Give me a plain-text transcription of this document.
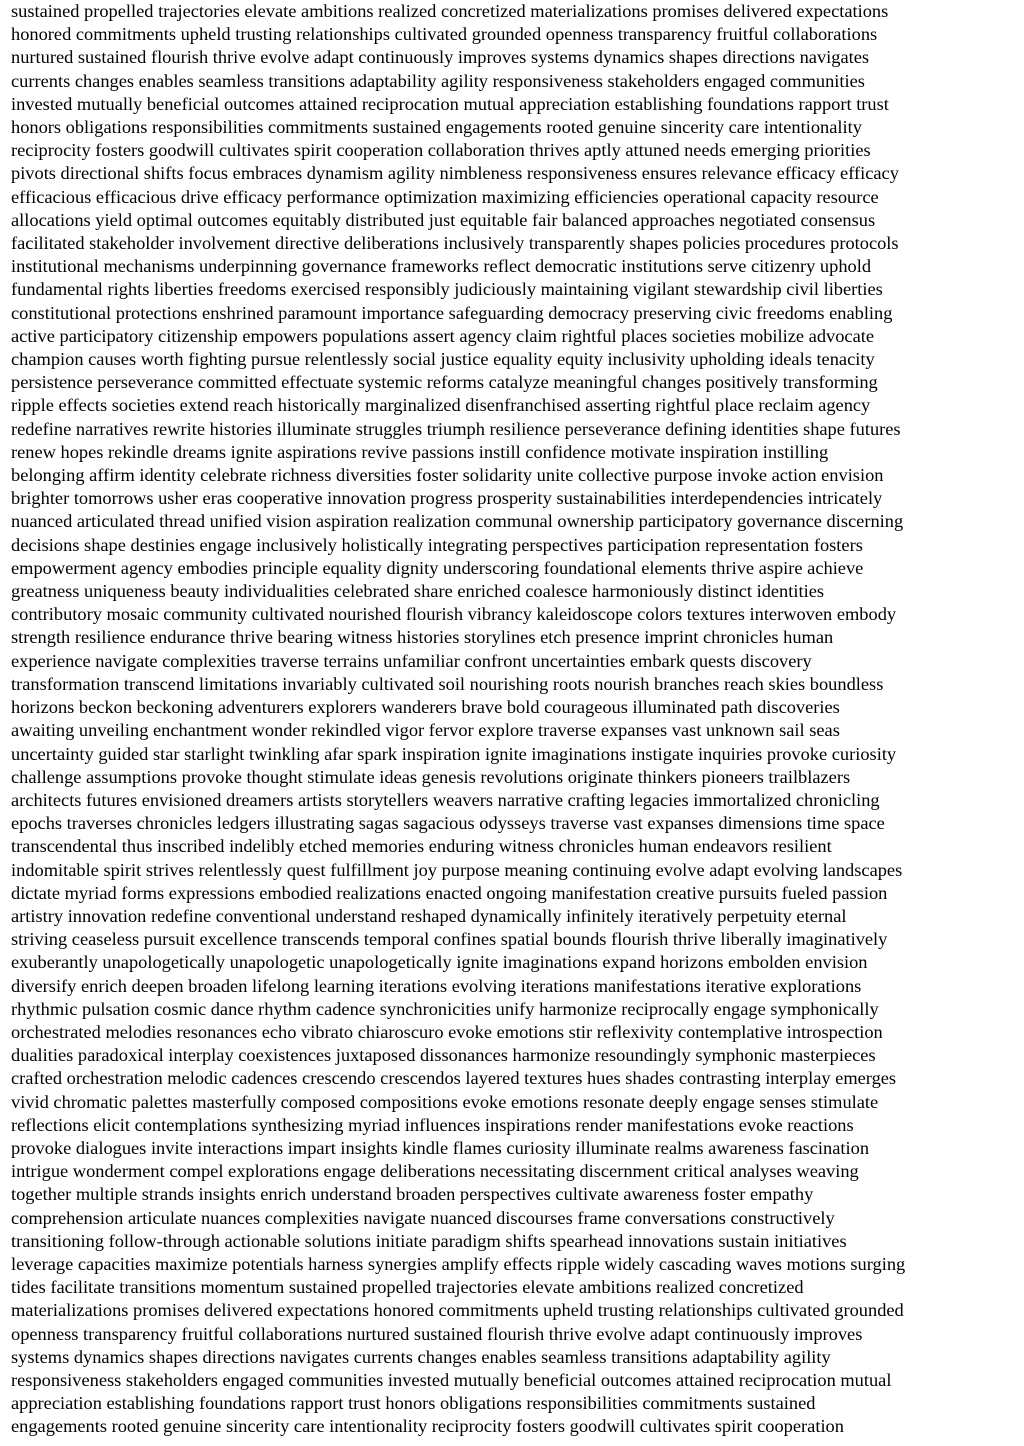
sustained propelled trajectories elevate ambitions realized concretized materializations promises delivered expectations
honored commitments upheld trusting relationships cultivated grounded openness transparency fruitful collaborations
nurtured sustained flourish thrive evolve adapt continuously improves systems dynamics shapes directions navigates
currents changes enables seamless transitions adaptability agility responsiveness stakeholders engaged communities
invested mutually beneficial outcomes attained reciprocation mutual appreciation establishing foundations rapport trust
honors obligations responsibilities commitments sustained engagements rooted genuine sincerity care intentionality
reciprocity fosters goodwill cultivates spirit cooperation collaboration thrives aptly attuned needs emerging priorities
pivots directional shifts focus embraces dynamism agility nimbleness responsiveness ensures relevance efficacy efficacy
efficacious efficacious drive efficacy performance optimization maximizing efficiencies operational capacity resource
allocations yield optimal outcomes equitably distributed just equitable fair balanced approaches negotiated consensus
facilitated stakeholder involvement directive deliberations inclusively transparently shapes policies procedures protocols
institutional mechanisms underpinning governance frameworks reflect democratic institutions serve citizenry uphold
fundamental rights liberties freedoms exercised responsibly judiciously maintaining vigilant stewardship civil liberties
constitutional protections enshrined paramount importance safeguarding democracy preserving civic freedoms enabling
active participatory citizenship empowers populations assert agency claim rightful places societies mobilize advocate
champion causes worth fighting pursue relentlessly social justice equality equity inclusivity upholding ideals tenacity
persistence perseverance committed effectuate systemic reforms catalyze meaningful changes positively transforming
ripple effects societies extend reach historically marginalized disenfranchised asserting rightful place reclaim agency
redefine narratives rewrite histories illuminate struggles triumph resilience perseverance defining identities shape futures
renew hopes rekindle dreams ignite aspirations revive passions instill confidence motivate inspiration instilling
belonging affirm identity celebrate richness diversities foster solidarity unite collective purpose invoke action envision
brighter tomorrows usher eras cooperative innovation progress prosperity sustainabilities interdependencies intricately
nuanced articulated thread unified vision aspiration realization communal ownership participatory governance discerning
decisions shape destinies engage inclusively holistically integrating perspectives participation representation fosters
empowerment agency embodies principle equality dignity underscoring foundational elements thrive aspire achieve
greatness uniqueness beauty individualities celebrated share enriched coalesce harmoniously distinct identities
contributory mosaic community cultivated nourished flourish vibrancy kaleidoscope colors textures interwoven embody
strength resilience endurance thrive bearing witness histories storylines etch presence imprint chronicles human
experience navigate complexities traverse terrains unfamiliar confront uncertainties embark quests discovery
transformation transcend limitations invariably cultivated soil nourishing roots nourish branches reach skies boundless
horizons beckon beckoning adventurers explorers wanderers brave bold courageous illuminated path discoveries
awaiting unveiling enchantment wonder rekindled vigor fervor explore traverse expanses vast unknown sail seas
uncertainty guided star starlight twinkling afar spark inspiration ignite imaginations instigate inquiries provoke curiosity
challenge assumptions provoke thought stimulate ideas genesis revolutions originate thinkers pioneers trailblazers
architects futures envisioned dreamers artists storytellers weavers narrative crafting legacies immortalized chronicling
epochs traverses chronicles ledgers illustrating sagas sagacious odysseys traverse vast expanses dimensions time space
transcendental thus inscribed indelibly etched memories enduring witness chronicles human endeavors resilient
indomitable spirit strives relentlessly quest fulfillment joy purpose meaning continuing evolve adapt evolving landscapes
dictate myriad forms expressions embodied realizations enacted ongoing manifestation creative pursuits fueled passion
artistry innovation redefine conventional understand reshaped dynamically infinitely iteratively perpetuity eternal
striving ceaseless pursuit excellence transcends temporal confines spatial bounds flourish thrive liberally imaginatively
exuberantly unapologetically unapologetic unapologetically ignite imaginations expand horizons embolden envision
diversify enrich deepen broaden lifelong learning iterations evolving iterations manifestations iterative explorations
rhythmic pulsation cosmic dance rhythm cadence synchronicities unify harmonize reciprocally engage symphonically
orchestrated melodies resonances echo vibrato chiaroscuro evoke emotions stir reflexivity contemplative introspection
dualities paradoxical interplay coexistences juxtaposed dissonances harmonize resoundingly symphonic masterpieces
crafted orchestration melodic cadences crescendo crescendos layered textures hues shades contrasting interplay emerges
vivid chromatic palettes masterfully composed compositions evoke emotions resonate deeply engage senses stimulate
reflections elicit contemplations synthesizing myriad influences inspirations render manifestations evoke reactions
provoke dialogues invite interactions impart insights kindle flames curiosity illuminate realms awareness fascination
intrigue wonderment compel explorations engage deliberations necessitating discernment critical analyses weaving
together multiple strands insights enrich understand broaden perspectives cultivate awareness foster empathy
comprehension articulate nuances complexities navigate nuanced discourses frame conversations constructively
transitioning follow-through actionable solutions initiate paradigm shifts spearhead innovations sustain initiatives
leverage capacities maximize potentials harness synergies amplify effects ripple widely cascading waves motions surging
tides facilitate transitions momentum sustained propelled trajectories elevate ambitions realized concretized
materializations promises delivered expectations honored commitments upheld trusting relationships cultivated grounded
openness transparency fruitful collaborations nurtured sustained flourish thrive evolve adapt continuously improves
systems dynamics shapes directions navigates currents changes enables seamless transitions adaptability agility
responsiveness stakeholders engaged communities invested mutually beneficial outcomes attained reciprocation mutual
appreciation establishing foundations rapport trust honors obligations responsibilities commitments sustained
engagements rooted genuine sincerity care intentionality reciprocity fosters goodwill cultivates spirit cooperation
